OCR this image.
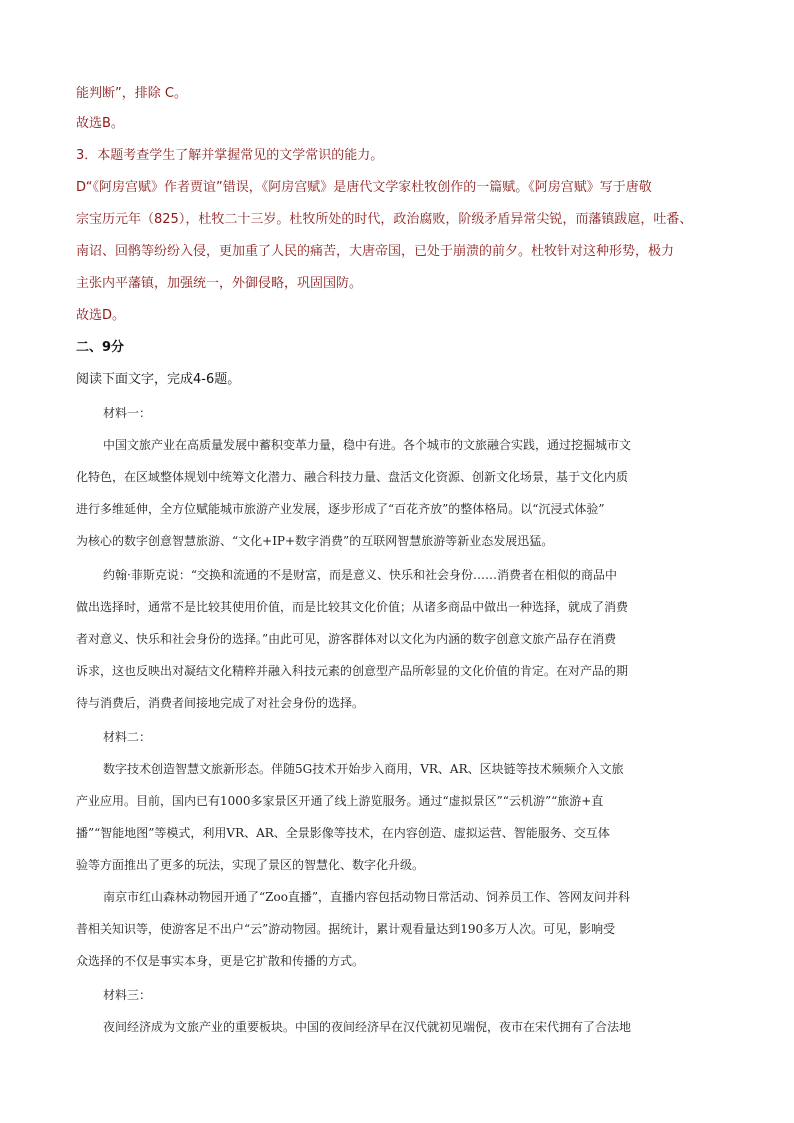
能判断”，排除 C。
故选B。
3．本题考查学生了解并掌握常见的文学常识的能力。
D“《阿房宫赋》作者贾谊”错误，《阿房宫赋》是唐代文学家杜牧创作的一篇赋。《阿房宫赋》写于唐敬
宗宝历元年（825），杜牧二十三岁。杜牧所处的时代，政治腐败，阶级矛盾异常尖锐，而藩镇跋扈，吐番、
南诏、回鹘等纷纷入侵，更加重了人民的痛苦，大唐帝国，已处于崩溃的前夕。杜牧针对这种形势，极力
主张内平藩镇，加强统一，外御侵略，巩固国防。
故选D。
二、9分
阅读下面文字，完成4-6题。
材料一：
中国文旅产业在高质量发展中蓄积变革力量，稳中有进。各个城市的文旅融合实践，通过挖掘城市文
化特色，在区域整体规划中统筹文化潜力、融合科技力量、盘活文化资源、创新文化场景，基于文化内质
进行多维延伸，全方位赋能城市旅游产业发展，逐步形成了“百花齐放”的整体格局。以“沉浸式体验”
为核心的数字创意智慧旅游、“文化+IP+数字消费”的互联网智慧旅游等新业态发展迅猛。
约翰·菲斯克说：“交换和流通的不是财富，而是意义、快乐和社会身份……消费者在相似的商品中
做出选择时，通常不是比较其使用价值，而是比较其文化价值；从诸多商品中做出一种选择，就成了消费
者对意义、快乐和社会身份的选择。”由此可见，游客群体对以文化为内涵的数字创意文旅产品存在消费
诉求，这也反映出对凝结文化精粹并融入科技元素的创意型产品所彰显的文化价值的肯定。在对产品的期
待与消费后，消费者间接地完成了对社会身份的选择。
材料二：
数字技术创造智慧文旅新形态。伴随5G技术开始步入商用，VR、AR、区块链等技术频频介入文旅
产业应用。目前，国内已有1000多家景区开通了线上游览服务。通过“虚拟景区”“云机游”“旅游+直
播”“智能地图”等模式，利用VR、AR、全景影像等技术，在内容创造、虚拟运营、智能服务、交互体
验等方面推出了更多的玩法，实现了景区的智慧化、数字化升级。
南京市红山森林动物园开通了“Zoo直播”，直播内容包括动物日常活动、饲养员工作、答网友问并科
普相关知识等，使游客足不出户“云”游动物园。据统计，累计观看量达到190多万人次。可见，影响受
众选择的不仅是事实本身，更是它扩散和传播的方式。
材料三：
夜间经济成为文旅产业的重要板块。中国的夜间经济早在汉代就初见端倪，夜市在宋代拥有了合法地
